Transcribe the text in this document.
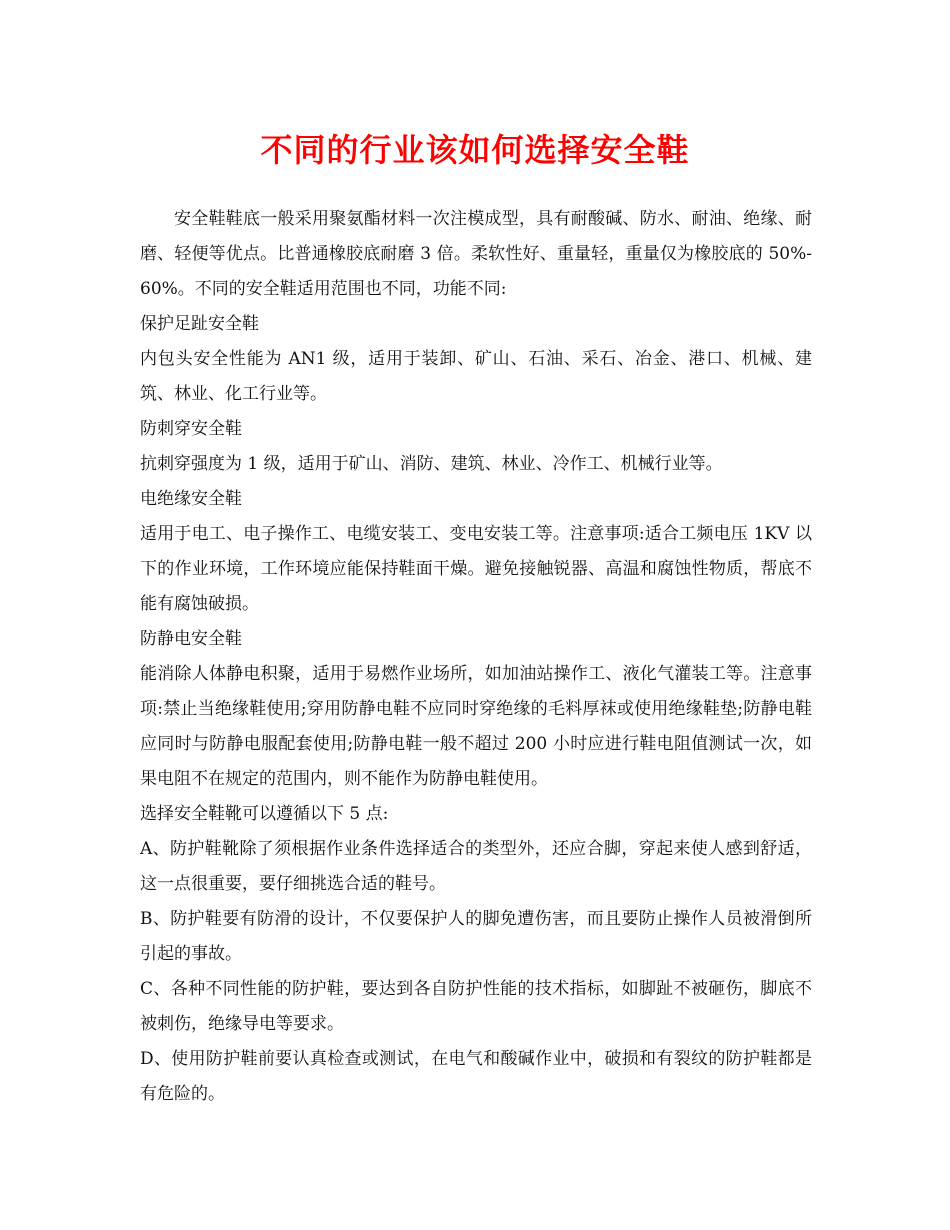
不同的行业该如何选择安全鞋

安全鞋鞋底一般采用聚氨酯材料一次注模成型，具有耐酸碱、防水、耐油、绝缘、耐磨、轻便等优点。比普通橡胶底耐磨 3 倍。柔软性好、重量轻，重量仅为橡胶底的 50%-60%。不同的安全鞋适用范围也不同，功能不同:

保护足趾安全鞋

内包头安全性能为 AN1 级，适用于装卸、矿山、石油、采石、冶金、港口、机械、建筑、林业、化工行业等。

防刺穿安全鞋

抗刺穿强度为 1 级，适用于矿山、消防、建筑、林业、冷作工、机械行业等。

电绝缘安全鞋

适用于电工、电子操作工、电缆安装工、变电安装工等。注意事项:适合工频电压 1KV 以下的作业环境，工作环境应能保持鞋面干燥。避免接触锐器、高温和腐蚀性物质，帮底不能有腐蚀破损。

防静电安全鞋

能消除人体静电积聚，适用于易燃作业场所，如加油站操作工、液化气灌装工等。注意事项:禁止当绝缘鞋使用;穿用防静电鞋不应同时穿绝缘的毛料厚袜或使用绝缘鞋垫;防静电鞋应同时与防静电服配套使用;防静电鞋一般不超过 200 小时应进行鞋电阻值测试一次，如果电阻不在规定的范围内，则不能作为防静电鞋使用。

选择安全鞋靴可以遵循以下 5 点:

A、防护鞋靴除了须根据作业条件选择适合的类型外，还应合脚，穿起来使人感到舒适，这一点很重要，要仔细挑选合适的鞋号。

B、防护鞋要有防滑的设计，不仅要保护人的脚免遭伤害，而且要防止操作人员被滑倒所引起的事故。

C、各种不同性能的防护鞋，要达到各自防护性能的技术指标，如脚趾不被砸伤，脚底不被刺伤，绝缘导电等要求。

D、使用防护鞋前要认真检查或测试，在电气和酸碱作业中，破损和有裂纹的防护鞋都是有危险的。
